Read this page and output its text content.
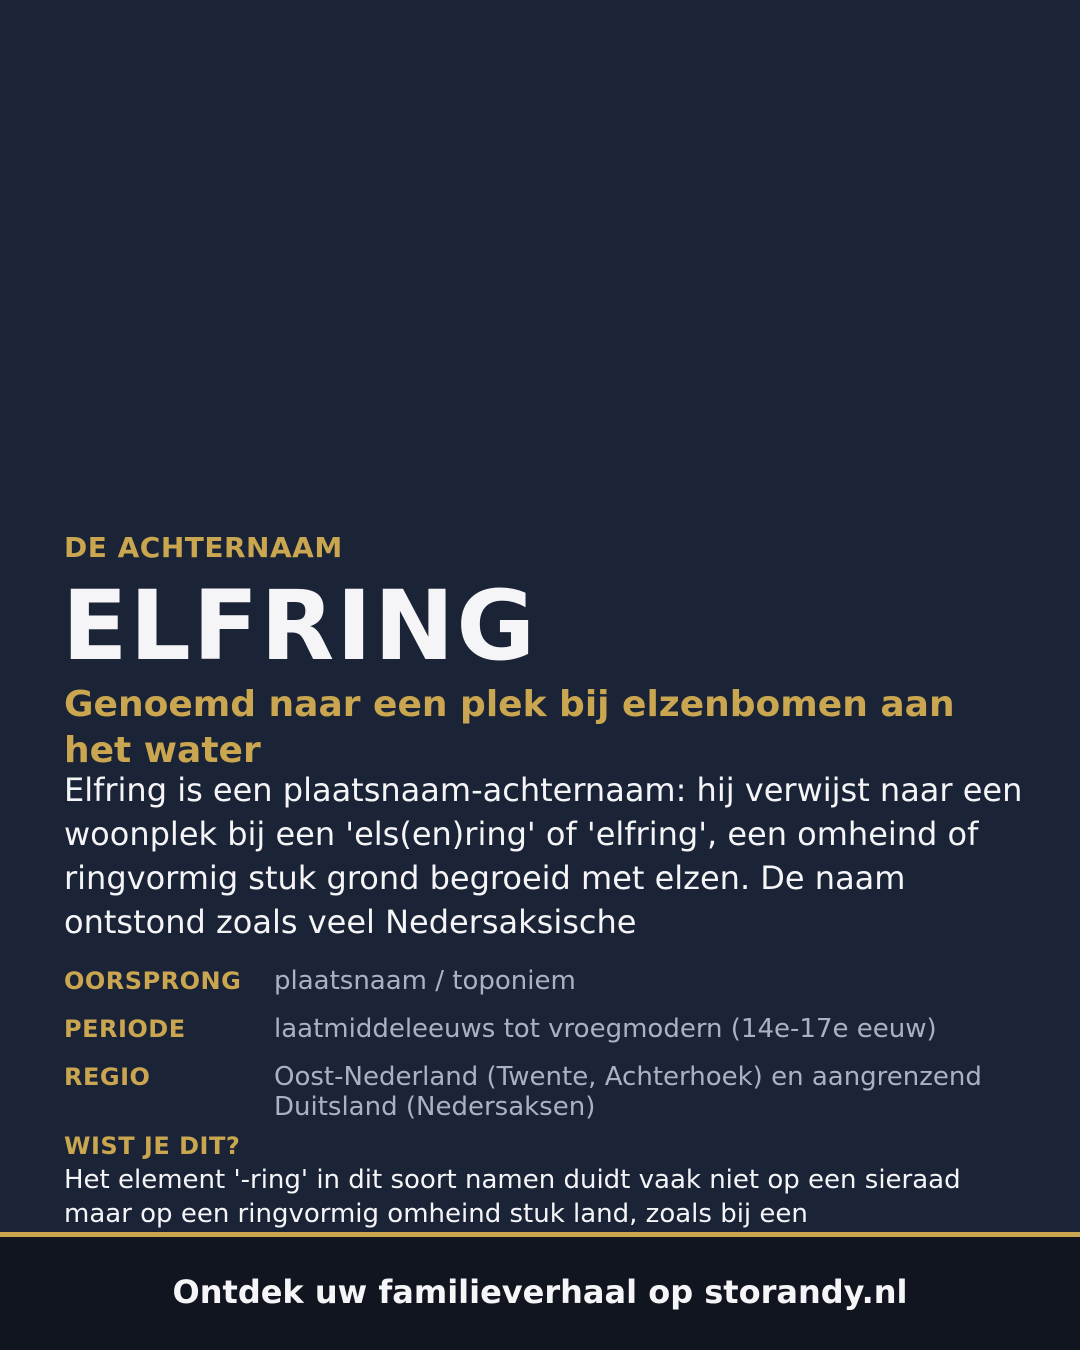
DE ACHTERNAAM
ELFRING
Genoemd naar een plek bij elzenbomen aan het water
Elfring is een plaatsnaam-achternaam: hij verwijst naar een woonplek bij een 'els(en)ring' of 'elfring', een omheind of ringvormig stuk grond begroeid met elzen. De naam ontstond zoals veel Nedersaksische
OORSPRONG	plaatsnaam / toponiem
PERIODE	laatmiddeleeuws tot vroegmodern (14e-17e eeuw)
REGIO	Oost-Nederland (Twente, Achterhoek) en aangrenzend Duitsland (Nedersaksen)
WIST JE DIT?
Het element '-ring' in dit soort namen duidt vaak niet op een sieraad maar op een ringvormig omheind stuk land, zoals bij een
Ontdek uw familieverhaal op storandy.nl
